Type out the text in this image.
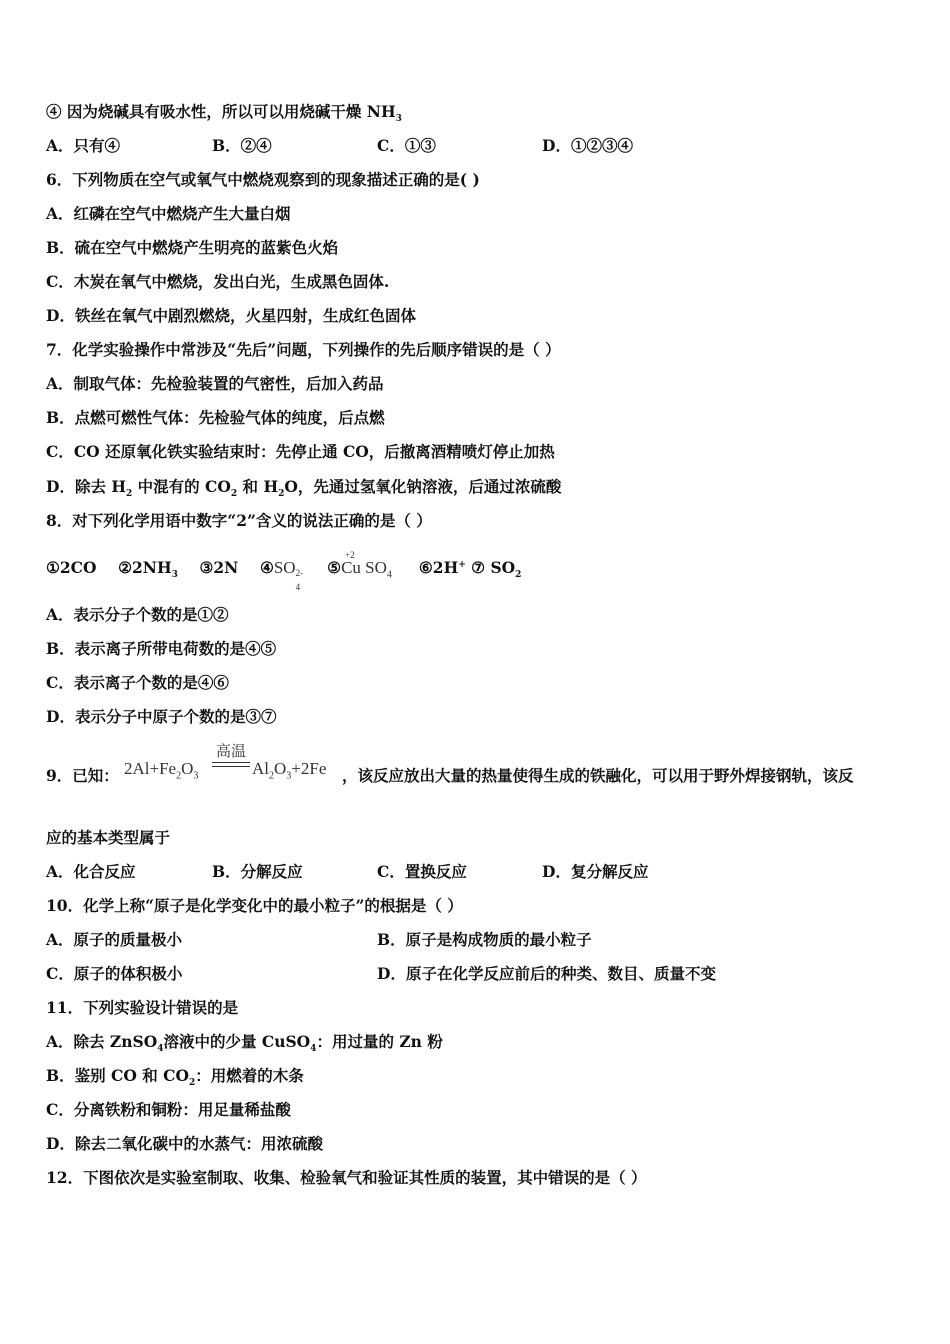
④ 因为烧碱具有吸水性，所以可以用烧碱干燥 $NH_3$
A．只有④	B．②④	C．①③	D．①②③④
6．下列物质在空气或氧气中燃烧观察到的现象描述正确的是( )
A．红磷在空气中燃烧产生大量白烟
B．硫在空气中燃烧产生明亮的蓝紫色火焰
C．木炭在氧气中燃烧，发出白光，生成黑色固体.
D．铁丝在氧气中剧烈燃烧，火星四射，生成红色固体
7．化学实验操作中常涉及“先后”问题，下列操作的先后顺序错误的是（ ）
A．制取气体：先检验装置的气密性，后加入药品
B．点燃可燃性气体：先检验气体的纯度，后点燃
C．CO 还原氧化铁实验结束时：先停止通 CO，后撤离酒精喷灯停止加热
D．除去 $H_2$ 中混有的 $CO_2$ 和 $H_2O$，先通过氢氧化钠溶液，后通过浓硫酸
8．对下列化学用语中数字“2”含义的说法正确的是（ ）
①2CO $②2NH_3$ ③2N ④SO 2-
4
⑤
+2
Cu $SO_4$ ⑥2H+ ⑦ $SO_2$
A．表示分子个数的是①②
B．表示离子所带电荷数的是④⑤
C．表示离子个数的是④⑥
D．表示分子中原子个数的是③⑦
9．已知： $2Al+Fe_2O_3$
高温
$Al_2O_3+2Fe$ ，该反应放出大量的热量使得生成的铁融化，可以用于野外焊接钢轨，该反
应的基本类型属于
A．化合反应	B．分解反应	C．置换反应	D．复分解反应
10．化学上称“原子是化学变化中的最小粒子”的根据是（ ）
A．原子的质量极小	B．原子是构成物质的最小粒子
C．原子的体积极小	D．原子在化学反应前后的种类、数目、质量不变
11．下列实验设计错误的是
A．除去 ZnSO$_4$溶液中的少量 CuSO$_4$：用过量的 Zn 粉
B．鉴别 CO 和 $CO_2$：用燃着的木条
C．分离铁粉和铜粉：用足量稀盐酸
D．除去二氧化碳中的水蒸气：用浓硫酸
12．下图依次是实验室制取、收集、检验氧气和验证其性质的装置，其中错误的是（ ）
